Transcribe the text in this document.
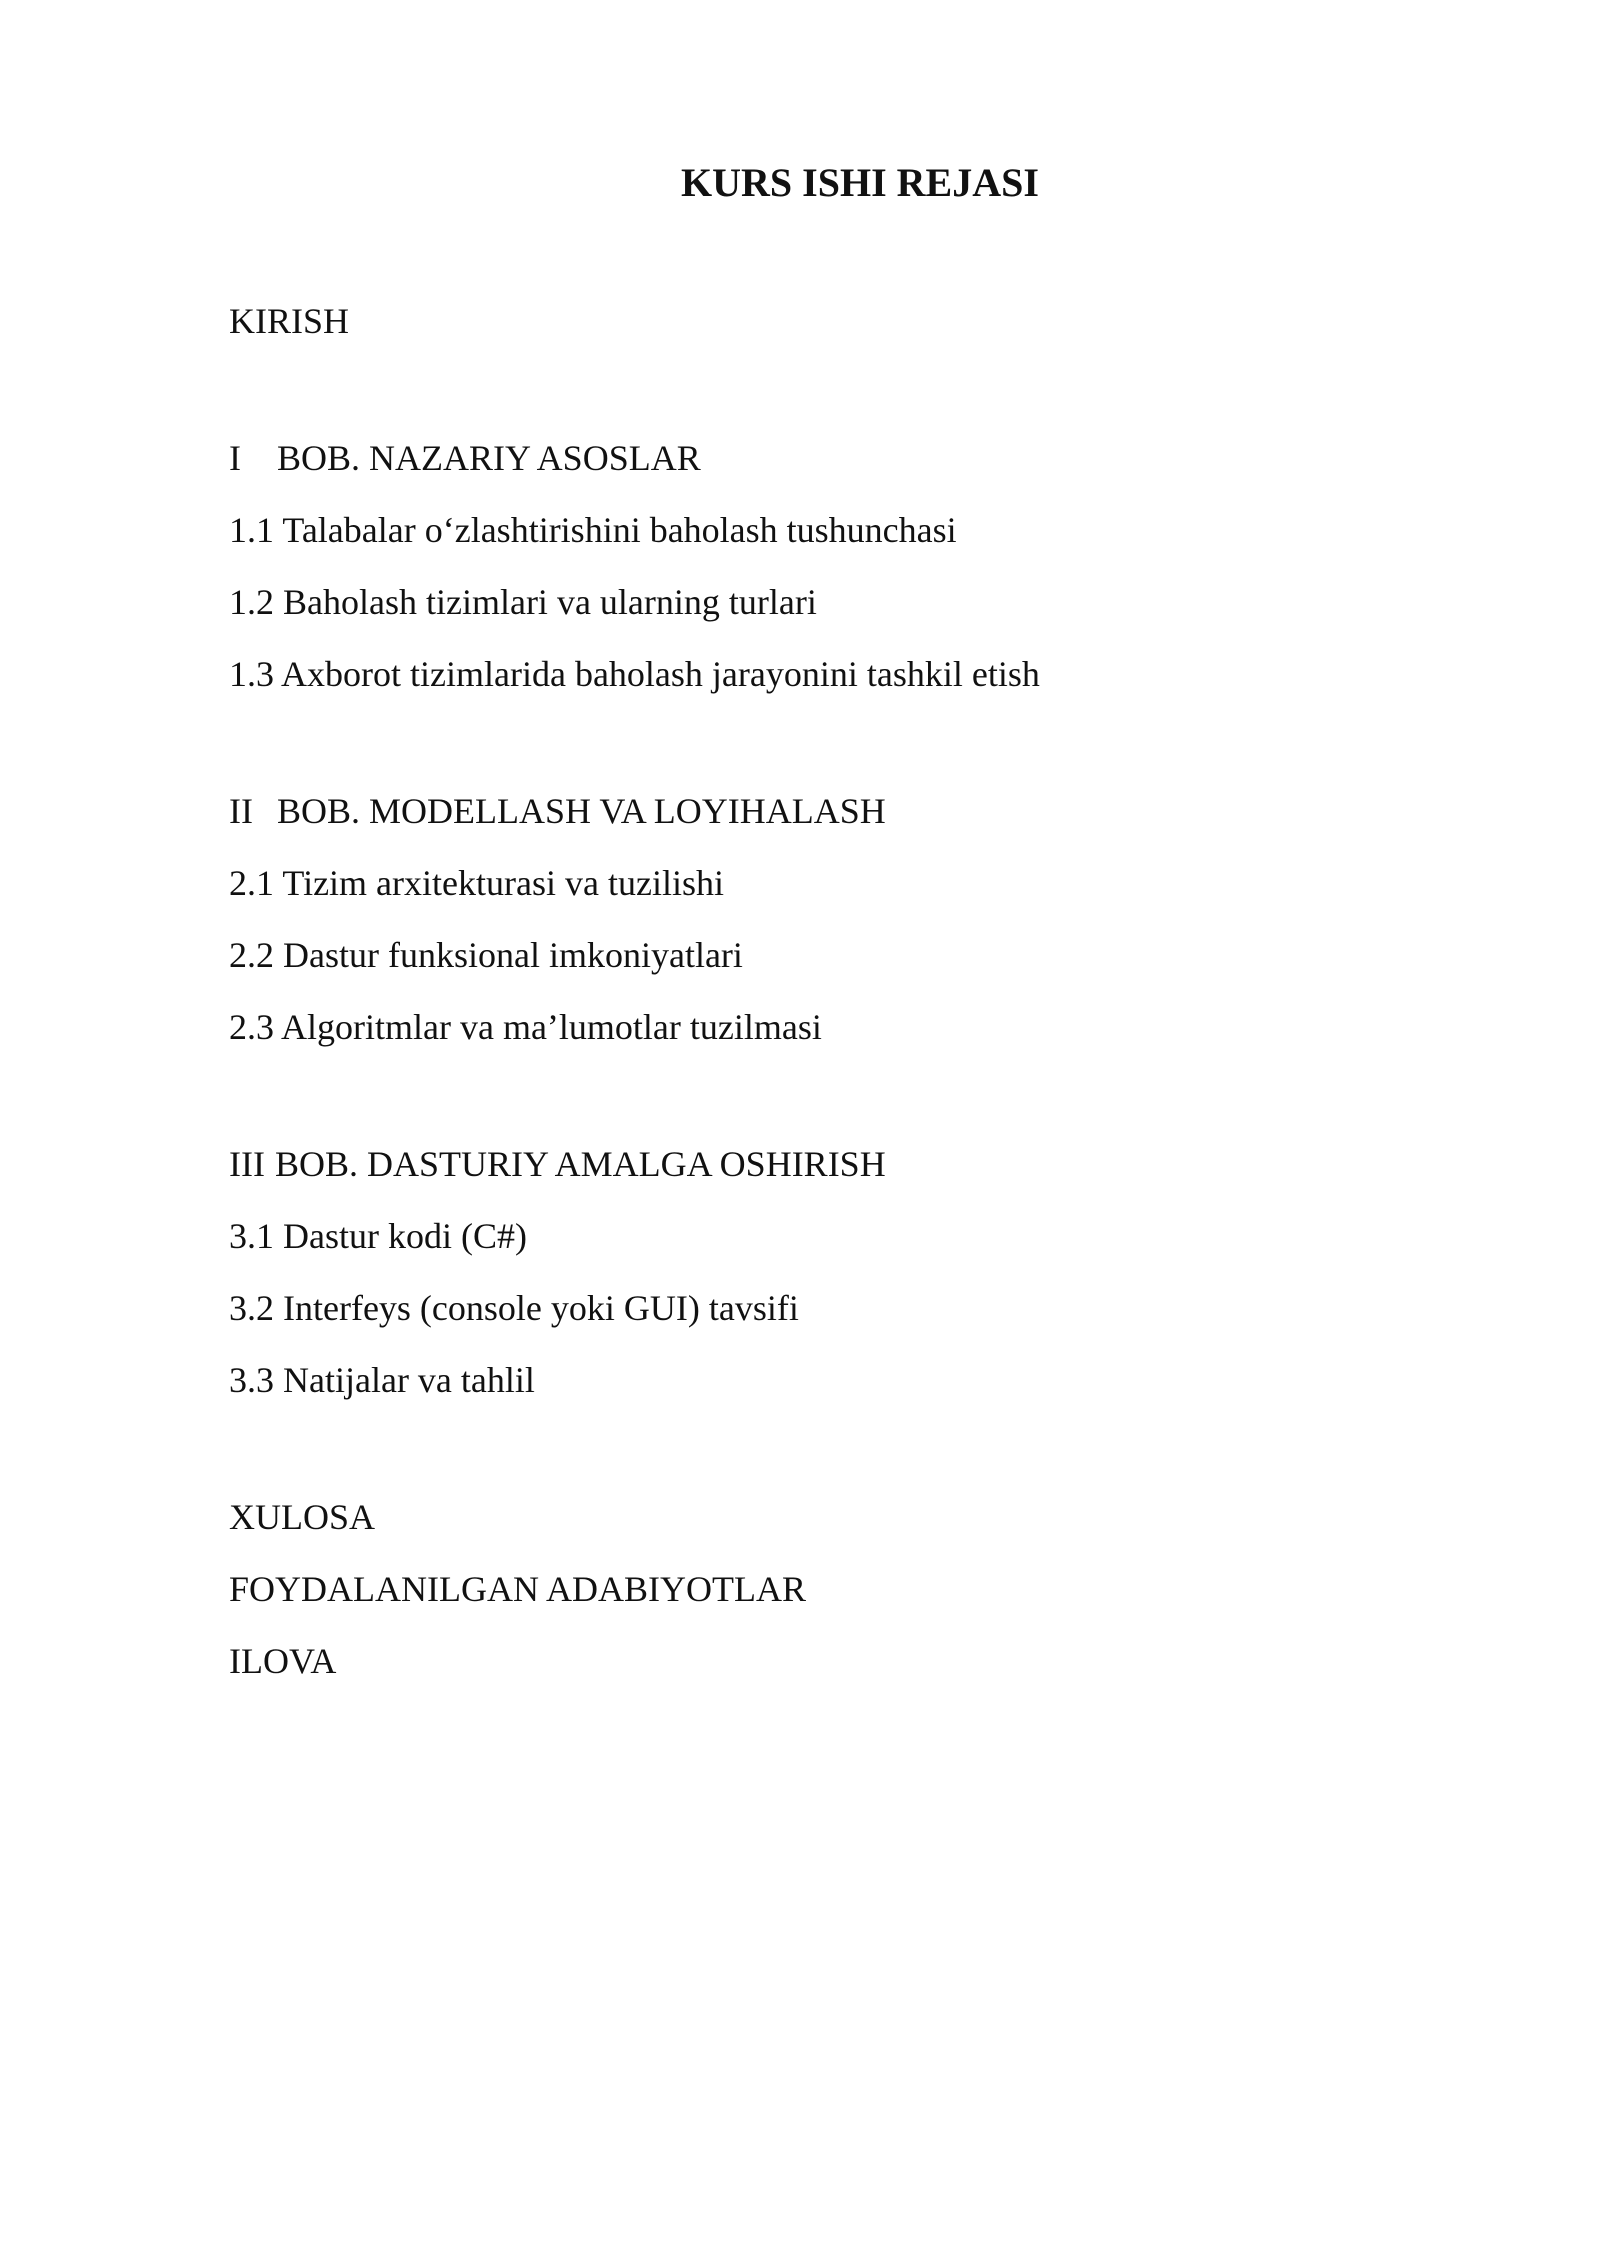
KURS ISHI REJASI
KIRISH
I BOB. NAZARIY ASOSLAR
1.1 Talabalar o‘zlashtirishini baholash tushunchasi
1.2 Baholash tizimlari va ularning turlari
1.3 Axborot tizimlarida baholash jarayonini tashkil etish
II BOB. MODELLASH VA LOYIHALASH
2.1 Tizim arxitekturasi va tuzilishi
2.2 Dastur funksional imkoniyatlari
2.3 Algoritmlar va ma’lumotlar tuzilmasi
III BOB. DASTURIY AMALGA OSHIRISH
3.1 Dastur kodi (C#)
3.2 Interfeys (console yoki GUI) tavsifi
3.3 Natijalar va tahlil
XULOSA
FOYDALANILGAN ADABIYOTLAR
ILOVA
